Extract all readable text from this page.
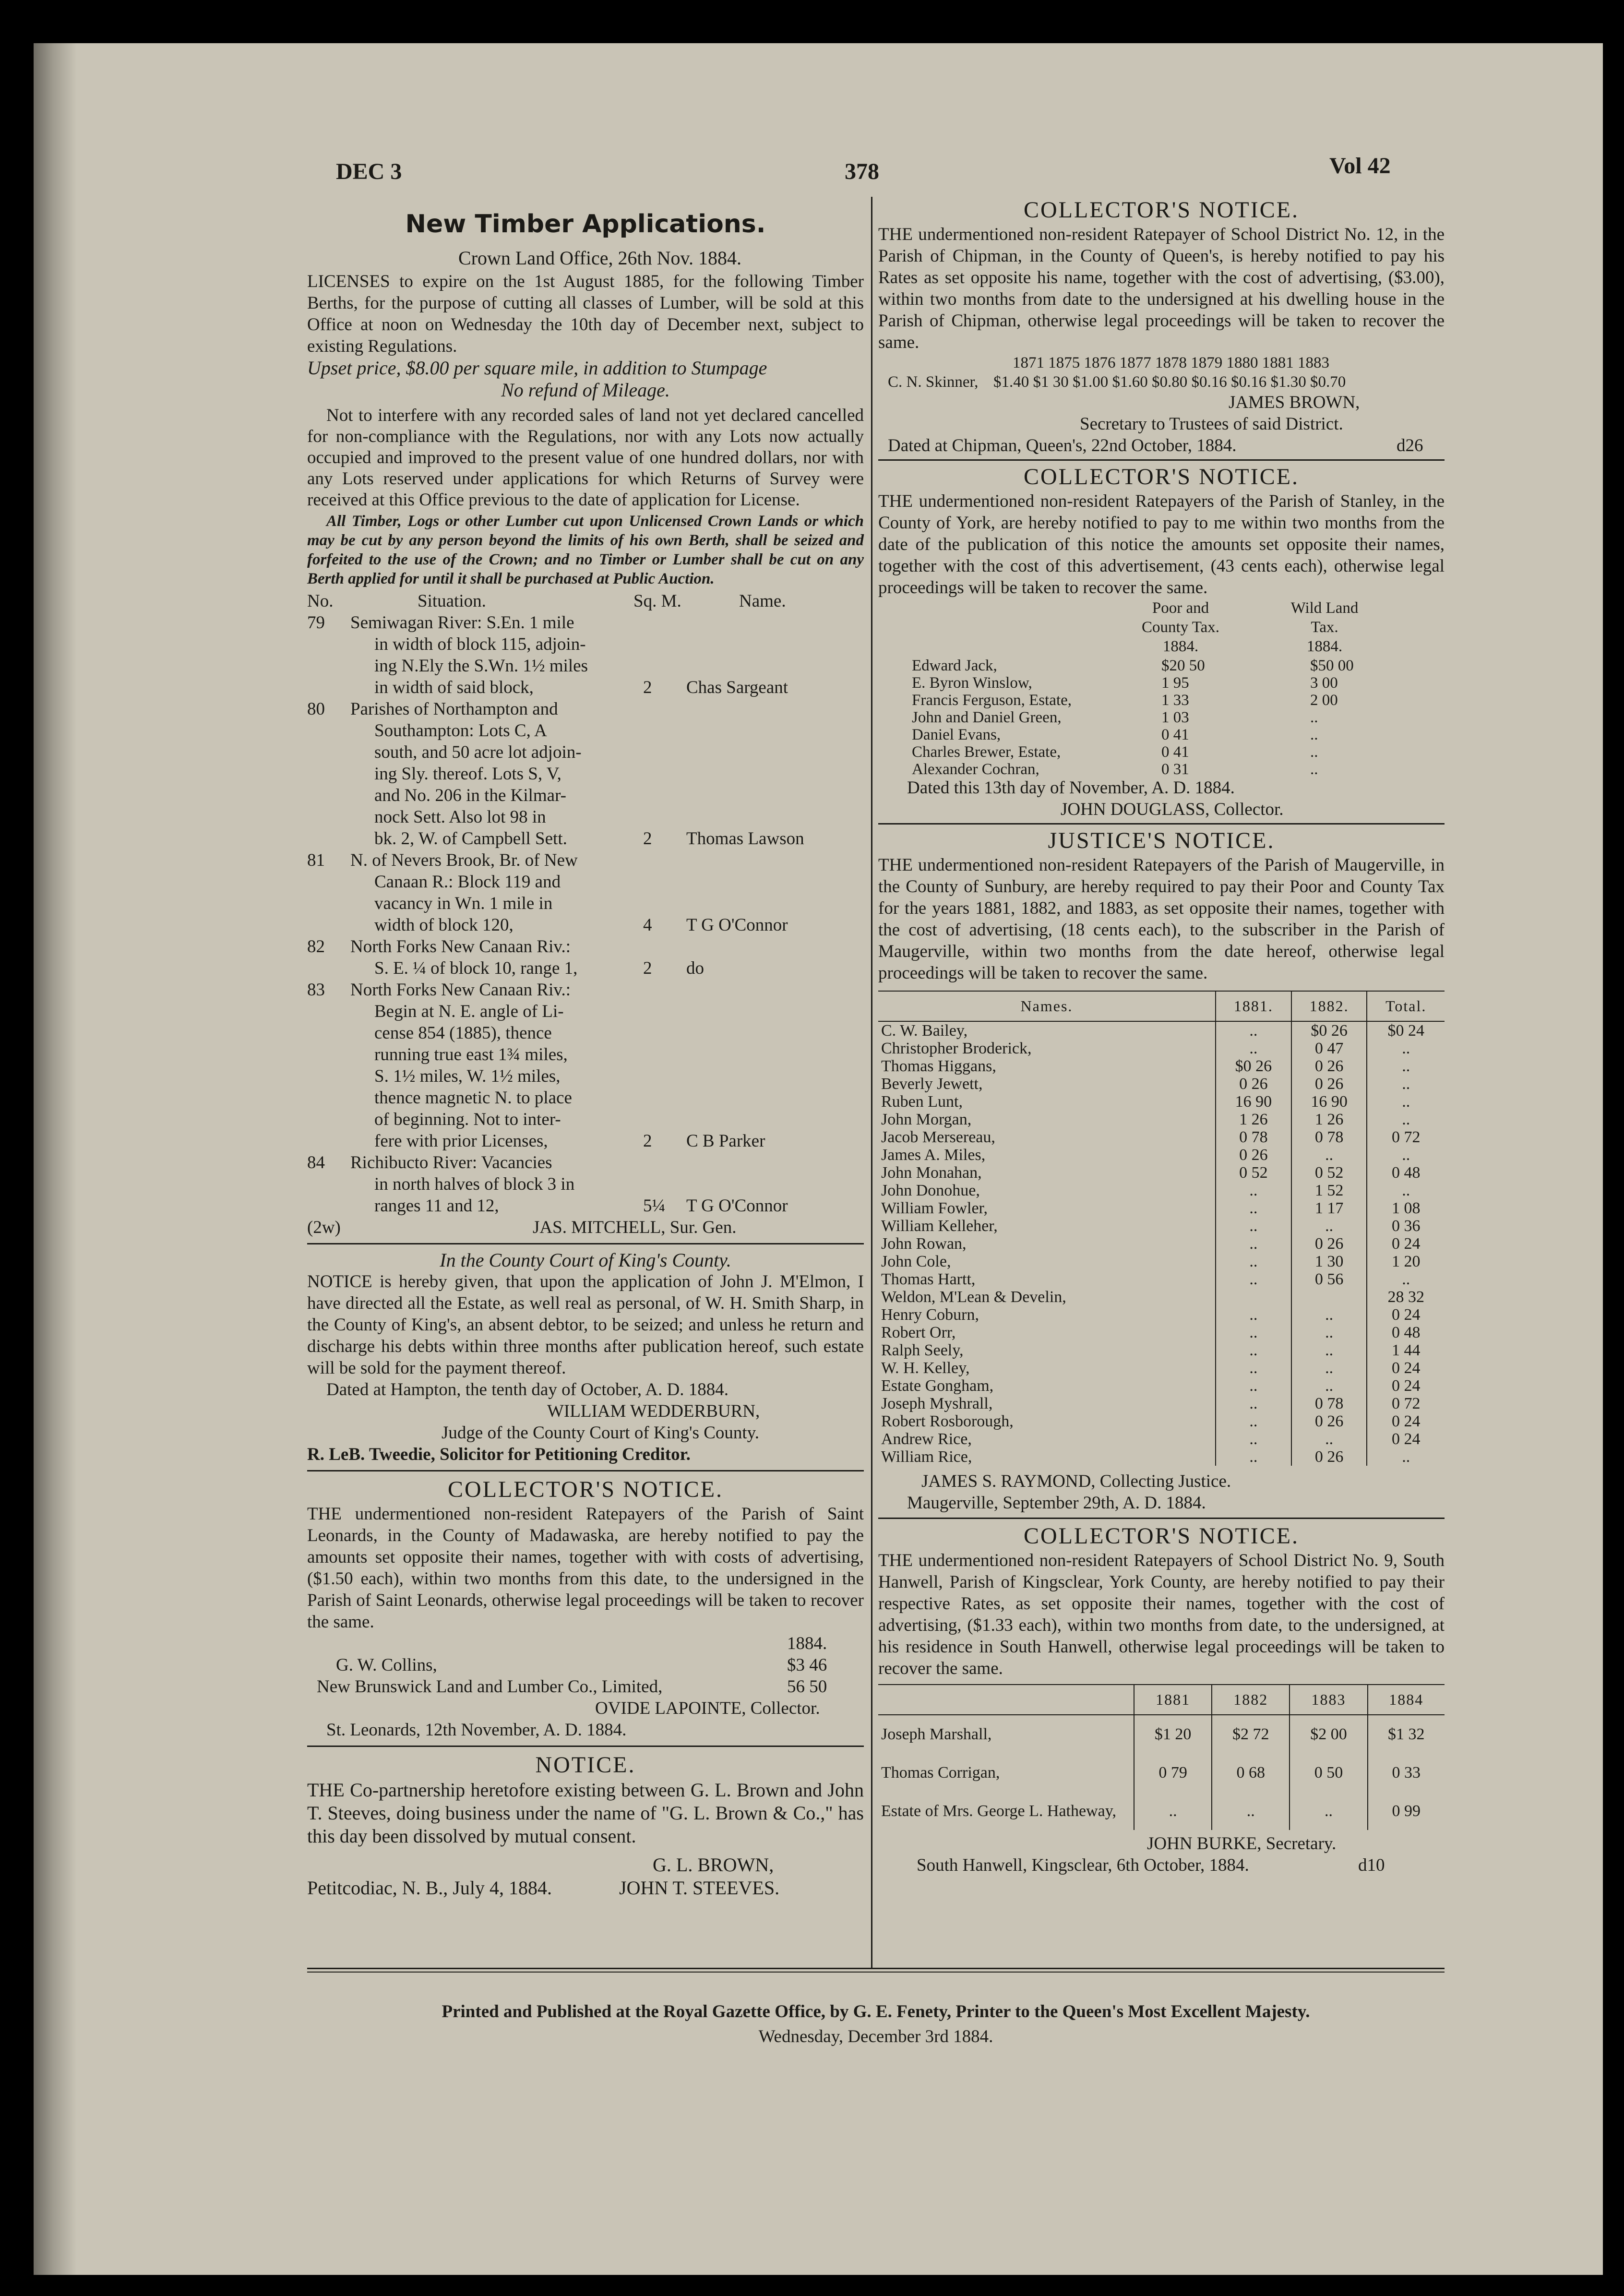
DEC 3	378	Vol 42
New Timber Applications.
Crown Land Office, 26th Nov. 1884.

LICENSES to expire on the 1st August 1885, for the following Timber Berths, for the purpose of cutting all classes of Lumber, will be sold at this Office at noon on Wednesday the 10th day of December next, subject to existing Regulations.

Upset price, $8.00 per square mile, in addition to Stumpage
No refund of Mileage.

Not to interfere with any recorded sales of land not yet declared cancelled for non-compliance with the Regulations, nor with any Lots now actually occupied and improved to the present value of one hundred dollars, nor with any Lots reserved under applications for which Returns of Survey were received at this Office previous to the date of application for License.

All Timber, Logs or other Lumber cut upon Unlicensed Crown Lands or which may be cut by any person beyond the limits of his own Berth, shall be seized and forfeited to the use of the Crown; and no Timber or Lumber shall be cut on any Berth applied for until it shall be purchased at Public Auction.

No.	Situation.	Sq. M.	Name.
79 Semiwagan River: S.En. 1 mile
in width of block 115, adjoin-
ing N.Ely the S.Wn. 1½ miles
in width of said block,	2 Chas Sargeant
80 Parishes of Northampton and
Southampton: Lots C, A
south, and 50 acre lot adjoin-
ing Sly. thereof. Lots S, V,
and No. 206 in the Kilmar-
nock Sett. Also lot 98 in
bk. 2, W. of Campbell Sett.	2 Thomas Lawson
81 N. of Nevers Brook, Br. of New
Canaan R.: Block 119 and
vacancy in Wn. 1 mile in
width of block 120,	4 T G O'Connor
82 North Forks New Canaan Riv.:
S. E. ¼ of block 10, range 1,	2 do
83 North Forks New Canaan Riv.:
Begin at N. E. angle of Li-
cense 854 (1885), thence
running true east 1¾ miles,
S. 1½ miles, W. 1½ miles,
thence magnetic N. to place
of beginning. Not to inter-
fere with prior Licenses,	2 C B Parker
84 Richibucto River: Vacancies
in north halves of block 3 in
ranges 11 and 12,	5¼ T G O'Connor
(2w)	JAS. MITCHELL, Sur. Gen.
In the County Court of King's County.

NOTICE is hereby given, that upon the application of John J. M'Elmon, I have directed all the Estate, as well real as personal, of W. H. Smith Sharp, in the County of King's, an absent debtor, to be seized; and unless he return and discharge his debts within three months after publication hereof, such estate will be sold for the payment thereof.

Dated at Hampton, the tenth day of October, A. D. 1884.
WILLIAM WEDDERBURN,
Judge of the County Court of King's County.
R. LeB. Tweedie, Solicitor for Petitioning Creditor.
COLLECTOR'S NOTICE.

THE undermentioned non-resident Ratepayers of the Parish of Saint Leonards, in the County of Madawaska, are hereby notified to pay the amounts set opposite their names, together with with costs of advertising, ($1.50 each), within two months from this date, to the undersigned in the Parish of Saint Leonards, otherwise legal proceedings will be taken to recover the same.

1884.
G. W. Collins,	$3 46
New Brunswick Land and Lumber Co., Limited,	56 50
OVIDE LAPOINTE, Collector.
St. Leonards, 12th November, A. D. 1884.
NOTICE.

THE Co-partnership heretofore existing between G. L. Brown and John T. Steeves, doing business under the name of "G. L. Brown & Co.," has this day been dissolved by mutual consent.

G. L. BROWN,
Petitcodiac, N. B., July 4, 1884.	JOHN T. STEEVES.
COLLECTOR'S NOTICE.

THE undermentioned non-resident Ratepayer of School District No. 12, in the Parish of Chipman, in the County of Queen's, is hereby notified to pay his Rates as set opposite his name, together with the cost of advertising, ($3.00), within two months from date to the undersigned at his dwelling house in the Parish of Chipman, otherwise legal proceedings will be taken to recover the same.

1871 1875 1876 1877 1878 1879 1880 1881 1883
C. N. Skinner, $1.40 $1 30 $1.00 $1.60 $0.80 $0.16 $0.16 $1.30 $0.70
JAMES BROWN,
Secretary to Trustees of said District.
Dated at Chipman, Queen's, 22nd October, 1884.	d26
COLLECTOR'S NOTICE.

THE undermentioned non-resident Ratepayers of the Parish of Stanley, in the County of York, are hereby notified to pay to me within two months from the date of the publication of this notice the amounts set opposite their names, together with the cost of this advertisement, (43 cents each), otherwise legal proceedings will be taken to recover the same.

Poor and
County Tax.
1884.
Wild Land
Tax.
1884.
Edward Jack,	$20 50	$50 00
E. Byron Winslow,	1 95	3 00
Francis Ferguson, Estate,	1 33	2 00
John and Daniel Green,	1 03	..
Daniel Evans,	0 41	..
Charles Brewer, Estate,	0 41	..
Alexander Cochran,	0 31	..
Dated this 13th day of November, A. D. 1884.
JOHN DOUGLASS, Collector.
JUSTICE'S NOTICE.

THE undermentioned non-resident Ratepayers of the Parish of Maugerville, in the County of Sunbury, are hereby required to pay their Poor and County Tax for the years 1881, 1882, and 1883, as set opposite their names, together with the cost of advertising, (18 cents each), to the subscriber in the Parish of Maugerville, within two months from the date hereof, otherwise legal proceedings will be taken to recover the same.

Names.	1881.	1882.	Total.
C. W. Bailey,	..	$0 26	$0 24
Christopher Broderick,	..	0 47	..
Thomas Higgans,	$0 26	0 26	..
Beverly Jewett,	0 26	0 26	..
Ruben Lunt,	16 90	16 90	..
John Morgan,	1 26	1 26	..
Jacob Mersereau,	0 78	0 78	0 72
James A. Miles,	0 26	..	..
John Monahan,	0 52	0 52	0 48
John Donohue,	..	1 52	..
William Fowler,	..	1 17	1 08
William Kelleher,	..	..	0 36
John Rowan,	..	0 26	0 24
John Cole,	..	1 30	1 20
Thomas Hartt,	..	0 56	..
Weldon, M'Lean & Develin,			28 32
Henry Coburn,	..	..	0 24
Robert Orr,	..	..	0 48
Ralph Seely,	..	..	1 44
W. H. Kelley,	..	..	0 24
Estate Gongham,	..	..	0 24
Joseph Myshrall,	..	0 78	0 72
Robert Rosborough,	..	0 26	0 24
Andrew Rice,	..	..	0 24
William Rice,	..	0 26	..
JAMES S. RAYMOND, Collecting Justice.
Maugerville, September 29th, A. D. 1884.
COLLECTOR'S NOTICE.

THE undermentioned non-resident Ratepayers of School District No. 9, South Hanwell, Parish of Kingsclear, York County, are hereby notified to pay their respective Rates, as set opposite their names, together with the cost of advertising, ($1.33 each), within two months from date, to the undersigned, at his residence in South Hanwell, otherwise legal proceedings will be taken to recover the same.

	1881	1882	1883	1884
Joseph Marshall,	$1 20	$2 72	$2 00	$1 32
Thomas Corrigan,	0 79	0 68	0 50	0 33
Estate of Mrs. George L. Hatheway,	..	..	..	0 99
JOHN BURKE, Secretary.
South Hanwell, Kingsclear, 6th October, 1884.	d10
Printed and Published at the Royal Gazette Office, by G. E. Fenety, Printer to the Queen's Most Excellent Majesty.
Wednesday, December 3rd 1884.
